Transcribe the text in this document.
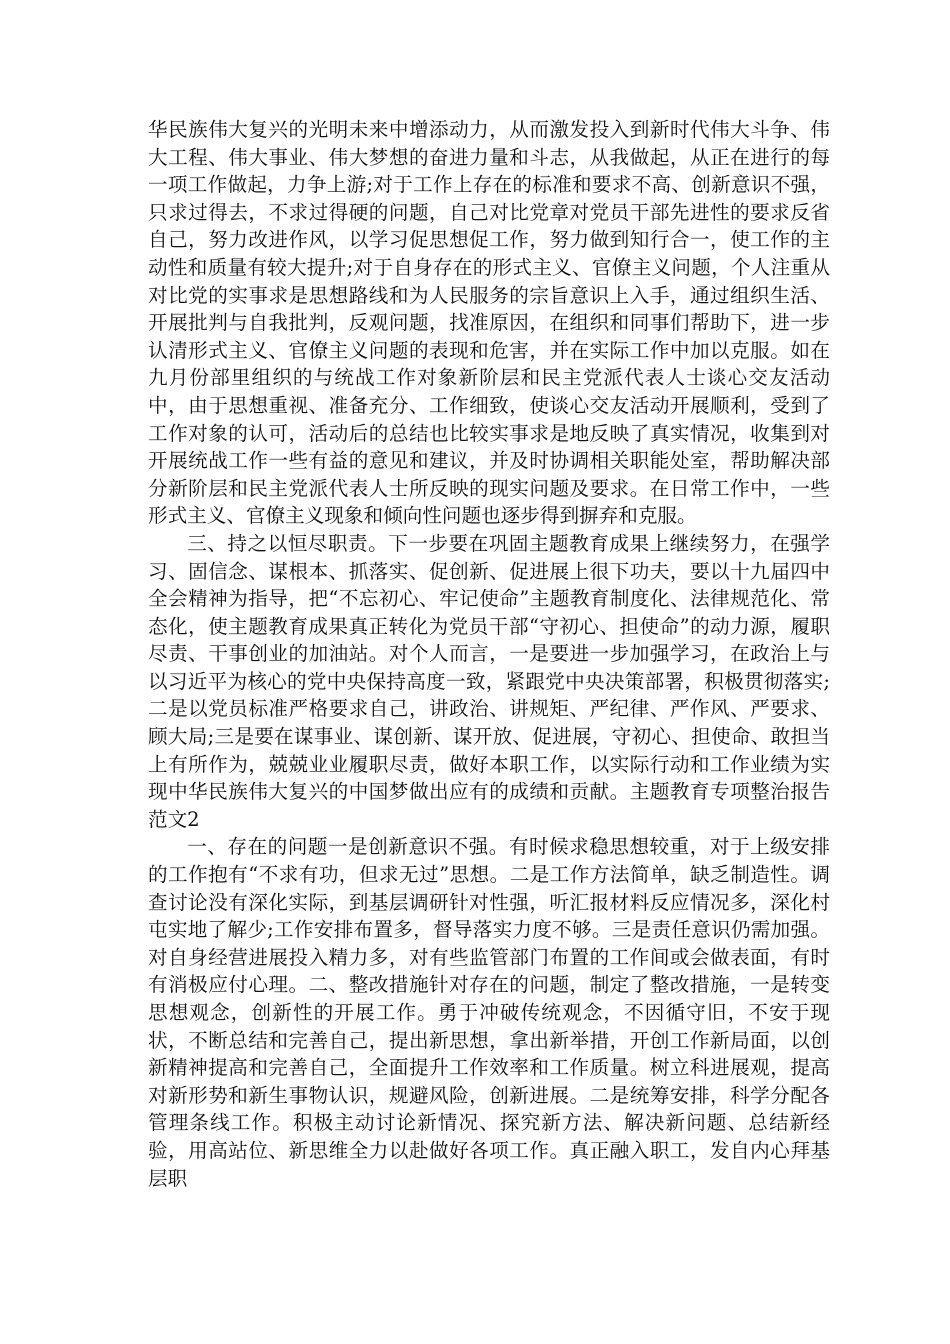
华民族伟大复兴的光明未来中增添动力，从而激发投入到新时代伟大斗争、伟大工程、伟大事业、伟大梦想的奋进力量和斗志，从我做起，从正在进行的每一项工作做起，力争上游;对于工作上存在的标准和要求不高、创新意识不强，只求过得去，不求过得硬的问题，自己对比党章对党员干部先进性的要求反省自己，努力改进作风，以学习促思想促工作，努力做到知行合一，使工作的主动性和质量有较大提升;对于自身存在的形式主义、官僚主义问题，个人注重从对比党的实事求是思想路线和为人民服务的宗旨意识上入手，通过组织生活、开展批判与自我批判，反观问题，找准原因，在组织和同事们帮助下，进一步认清形式主义、官僚主义问题的表现和危害，并在实际工作中加以克服。如在九月份部里组织的与统战工作对象新阶层和民主党派代表人士谈心交友活动中，由于思想重视、准备充分、工作细致，使谈心交友活动开展顺利，受到了工作对象的认可，活动后的总结也比较实事求是地反映了真实情况，收集到对开展统战工作一些有益的意见和建议，并及时协调相关职能处室，帮助解决部分新阶层和民主党派代表人士所反映的现实问题及要求。在日常工作中，一些形式主义、官僚主义现象和倾向性问题也逐步得到摒弃和克服。

三、持之以恒尽职责。下一步要在巩固主题教育成果上继续努力，在强学习、固信念、谋根本、抓落实、促创新、促进展上很下功夫，要以十九届四中全会精神为指导，把“不忘初心、牢记使命”主题教育制度化、法律规范化、常态化，使主题教育成果真正转化为党员干部“守初心、担使命”的动力源，履职尽责、干事创业的加油站。对个人而言，一是要进一步加强学习，在政治上与以习近平为核心的党中央保持高度一致，紧跟党中央决策部署，积极贯彻落实;二是以党员标准严格要求自己，讲政治、讲规矩、严纪律、严作风、严要求、顾大局;三是要在谋事业、谋创新、谋开放、促进展，守初心、担使命、敢担当上有所作为，兢兢业业履职尽责，做好本职工作，以实际行动和工作业绩为实现中华民族伟大复兴的中国梦做出应有的成绩和贡献。主题教育专项整治报告范文2

一、存在的问题一是创新意识不强。有时候求稳思想较重，对于上级安排的工作抱有“不求有功，但求无过”思想。二是工作方法简单，缺乏制造性。调查讨论没有深化实际，到基层调研针对性强，听汇报材料反应情况多，深化村屯实地了解少;工作安排布置多，督导落实力度不够。三是责任意识仍需加强。对自身经营进展投入精力多，对有些监管部门布置的工作间或会做表面，有时有消极应付心理。二、整改措施针对存在的问题，制定了整改措施，一是转变思想观念，创新性的开展工作。勇于冲破传统观念，不因循守旧，不安于现状，不断总结和完善自己，提出新思想，拿出新举措，开创工作新局面，以创新精神提高和完善自己，全面提升工作效率和工作质量。树立科进展观，提高对新形势和新生事物认识，规避风险，创新进展。二是统筹安排，科学分配各管理条线工作。积极主动讨论新情况、探究新方法、解决新问题、总结新经验，用高站位、新思维全力以赴做好各项工作。真正融入职工，发自内心拜基层职
